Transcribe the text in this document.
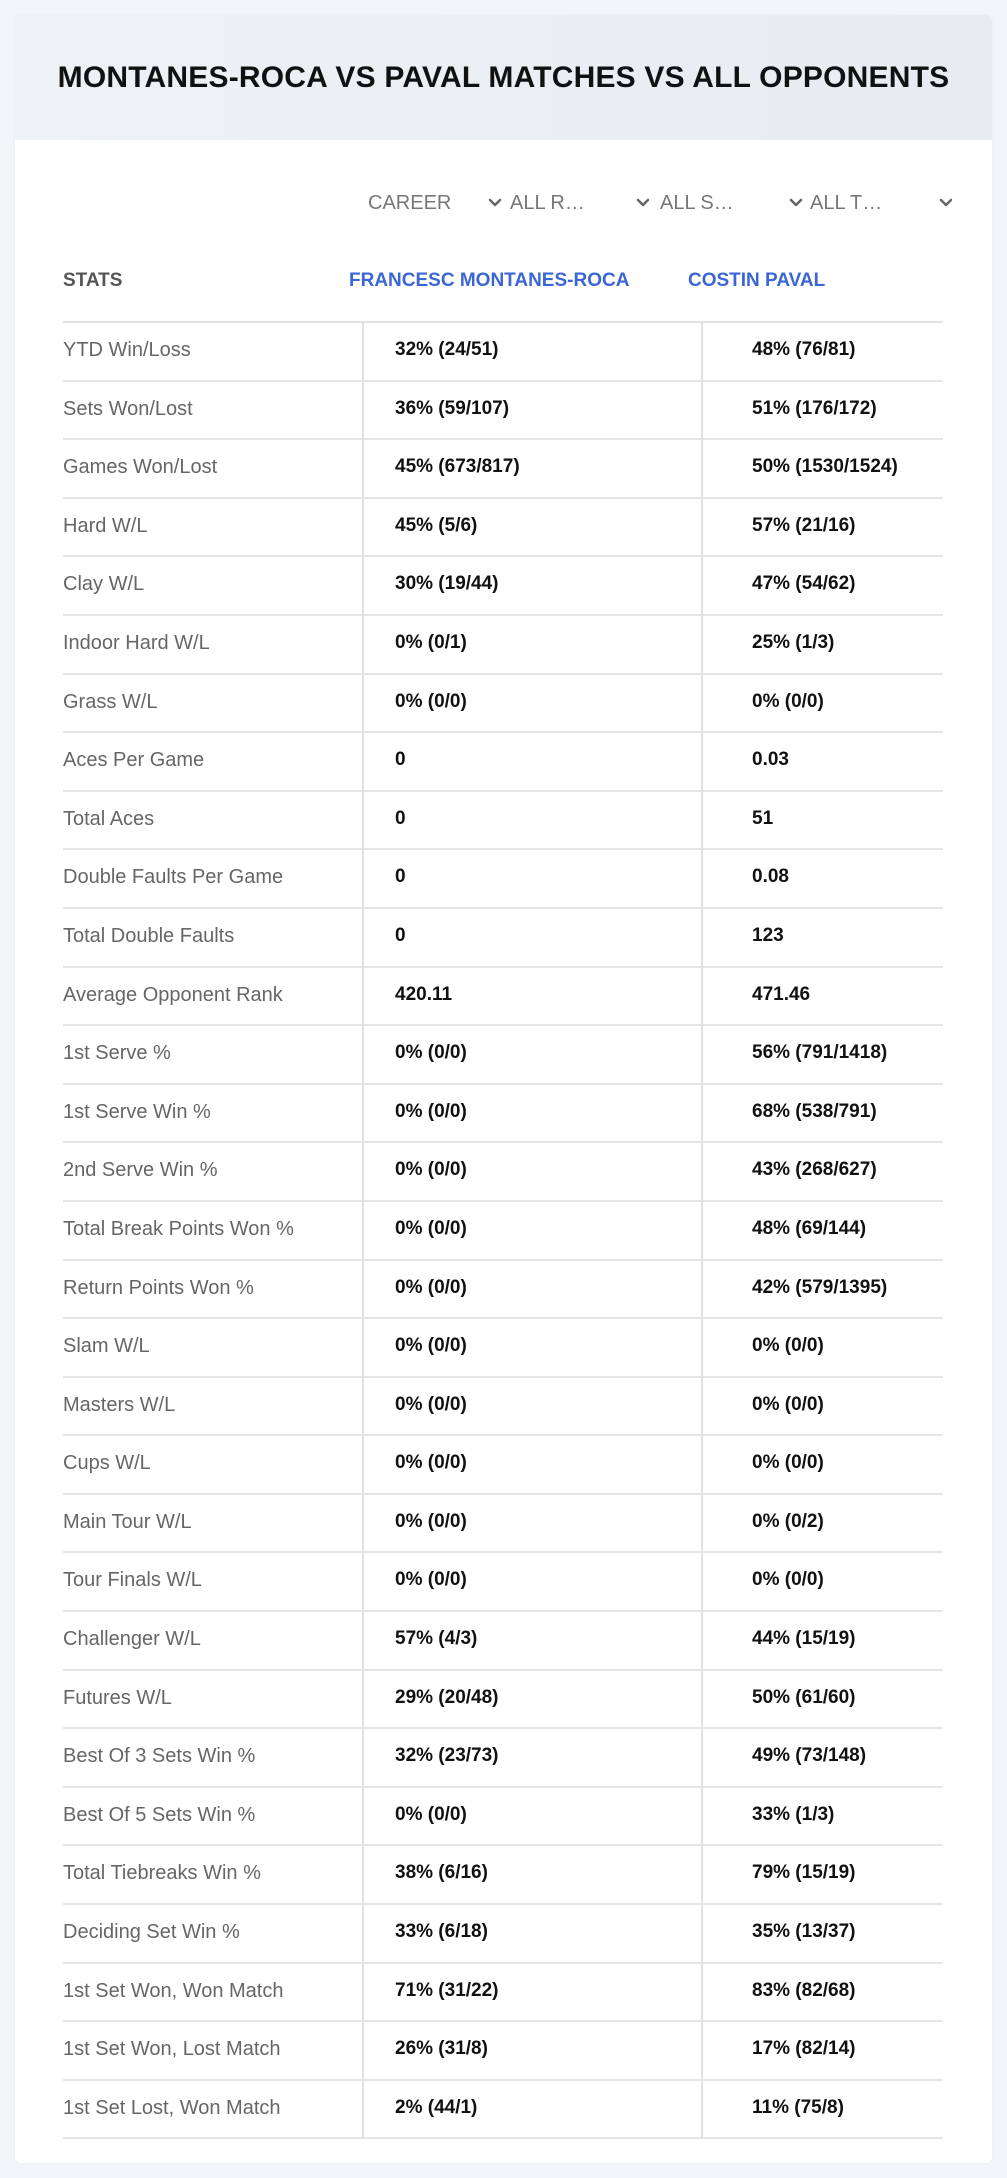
MONTANES-ROCA VS PAVAL MATCHES VS ALL OPPONENTS
CAREER	ALL R…	ALL S…	ALL T…
STATS	FRANCESC MONTANES-ROCA	COSTIN PAVAL
YTD Win/Loss	32% (24/51)	48% (76/81)
Sets Won/Lost	36% (59/107)	51% (176/172)
Games Won/Lost	45% (673/817)	50% (1530/1524)
Hard W/L	45% (5/6)	57% (21/16)
Clay W/L	30% (19/44)	47% (54/62)
Indoor Hard W/L	0% (0/1)	25% (1/3)
Grass W/L	0% (0/0)	0% (0/0)
Aces Per Game	0	0.03
Total Aces	0	51
Double Faults Per Game	0	0.08
Total Double Faults	0	123
Average Opponent Rank	420.11	471.46
1st Serve %	0% (0/0)	56% (791/1418)
1st Serve Win %	0% (0/0)	68% (538/791)
2nd Serve Win %	0% (0/0)	43% (268/627)
Total Break Points Won %	0% (0/0)	48% (69/144)
Return Points Won %	0% (0/0)	42% (579/1395)
Slam W/L	0% (0/0)	0% (0/0)
Masters W/L	0% (0/0)	0% (0/0)
Cups W/L	0% (0/0)	0% (0/0)
Main Tour W/L	0% (0/0)	0% (0/2)
Tour Finals W/L	0% (0/0)	0% (0/0)
Challenger W/L	57% (4/3)	44% (15/19)
Futures W/L	29% (20/48)	50% (61/60)
Best Of 3 Sets Win %	32% (23/73)	49% (73/148)
Best Of 5 Sets Win %	0% (0/0)	33% (1/3)
Total Tiebreaks Win %	38% (6/16)	79% (15/19)
Deciding Set Win %	33% (6/18)	35% (13/37)
1st Set Won, Won Match	71% (31/22)	83% (82/68)
1st Set Won, Lost Match	26% (31/8)	17% (82/14)
1st Set Lost, Won Match	2% (44/1)	11% (75/8)
